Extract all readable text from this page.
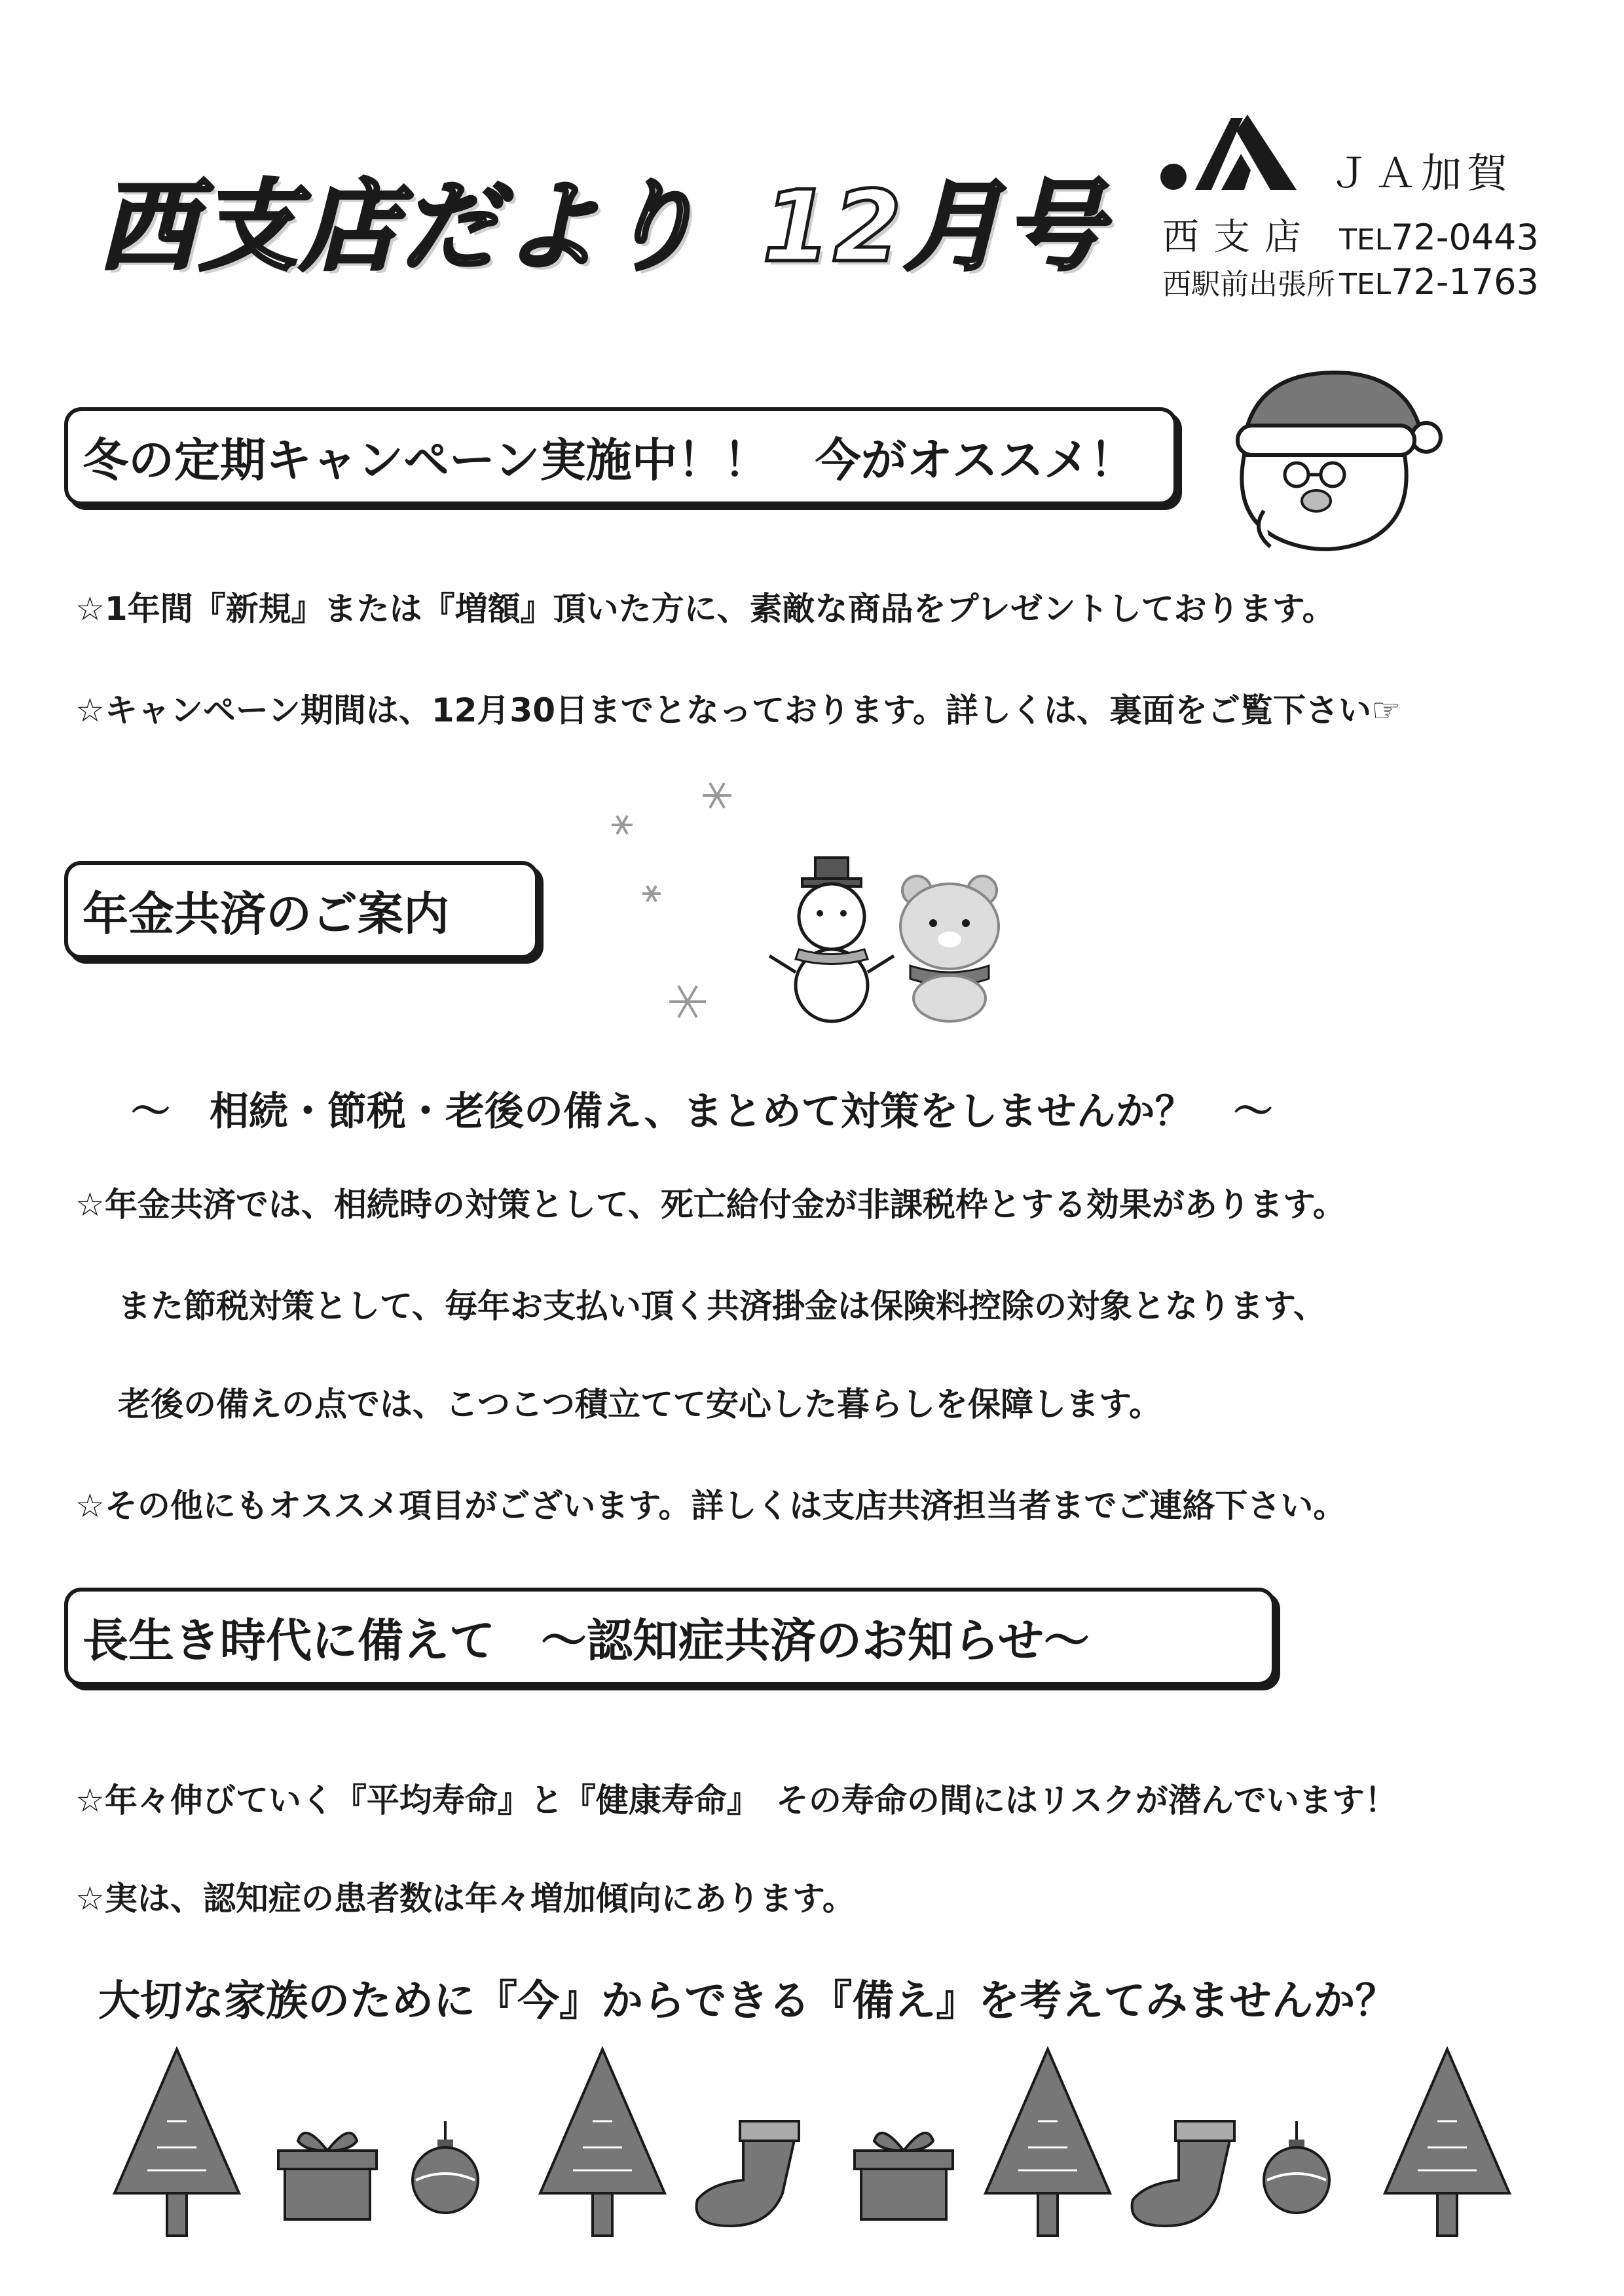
西支店だより 12月号	ＪＡ加賀
西支店 TEL72-0443
西駅前出張所 TEL72-1763
冬の定期キャンペーン実施中！！　今がオススメ！
☆1年間『新規』または『増額』頂いた方に、素敵な商品をプレゼントしております。
☆キャンペーン期間は、12月30日までとなっております。詳しくは、裏面をご覧下さい☞
年金共済のご案内
～　相続・節税・老後の備え、まとめて対策をしませんか？　～
☆年金共済では、相続時の対策として、死亡給付金が非課税枠とする効果があります。
また節税対策として、毎年お支払い頂く共済掛金は保険料控除の対象となります、
老後の備えの点では、こつこつ積立てて安心した暮らしを保障します。
☆その他にもオススメ項目がございます。詳しくは支店共済担当者までご連絡下さい。
長生き時代に備えて　～認知症共済のお知らせ～
☆年々伸びていく『平均寿命』と『健康寿命』　その寿命の間にはリスクが潜んでいます！
☆実は、認知症の患者数は年々増加傾向にあります。
大切な家族のために『今』からできる『備え』を考えてみませんか？
